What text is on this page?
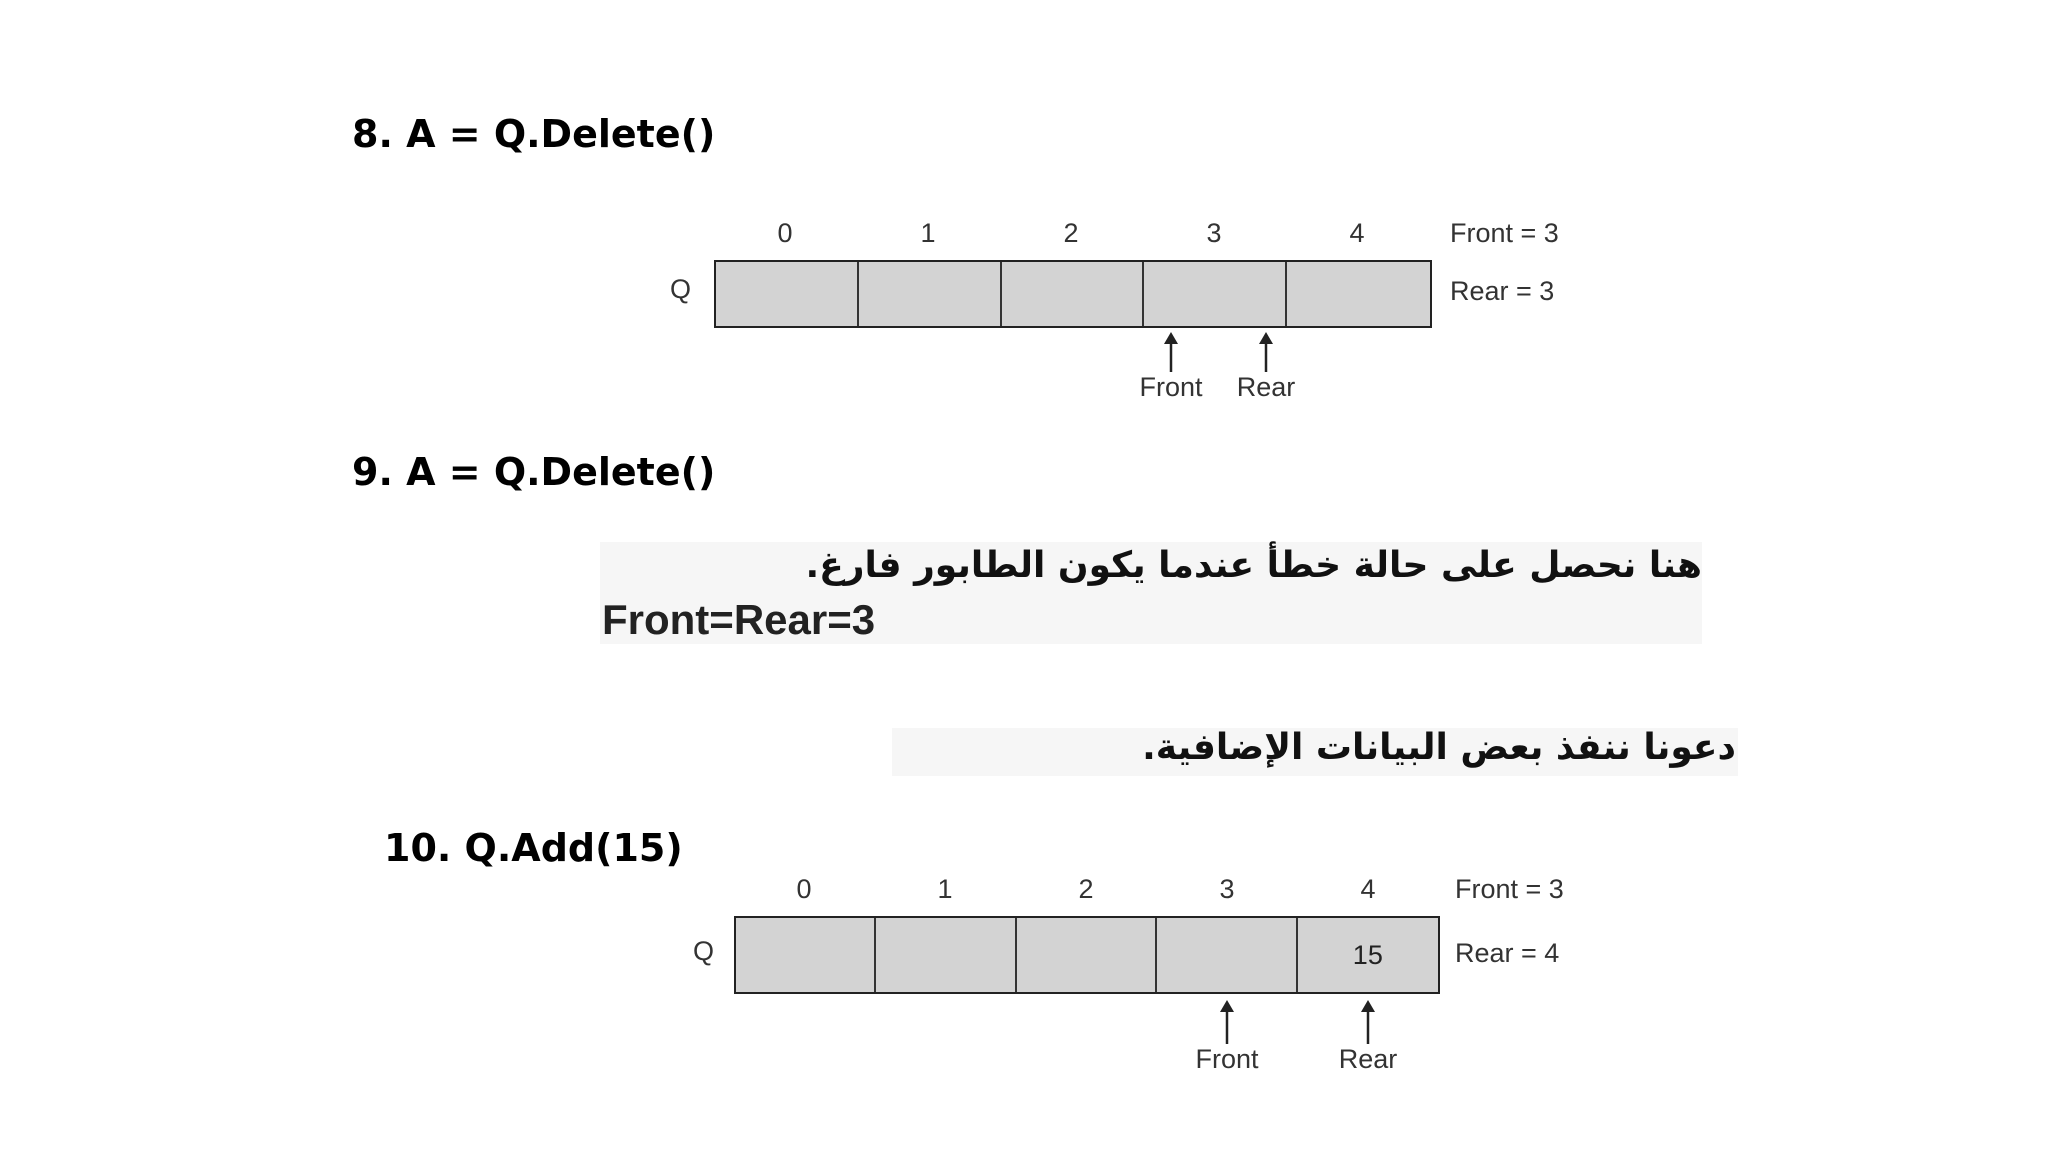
8. A = Q.Delete()
Q
0	1	2	3	4	Front = 3
Rear = 3
Front	Rear
9. A = Q.Delete()
هنا نحصل على حالة خطأ عندما يكون الطابور فارغ.
Front=Rear=3
دعونا ننفذ بعض البيانات الإضافية.
10. Q.Add(15)
Q
0	1	2	3	4
15
Front = 3
Rear = 4
Front	Rear
